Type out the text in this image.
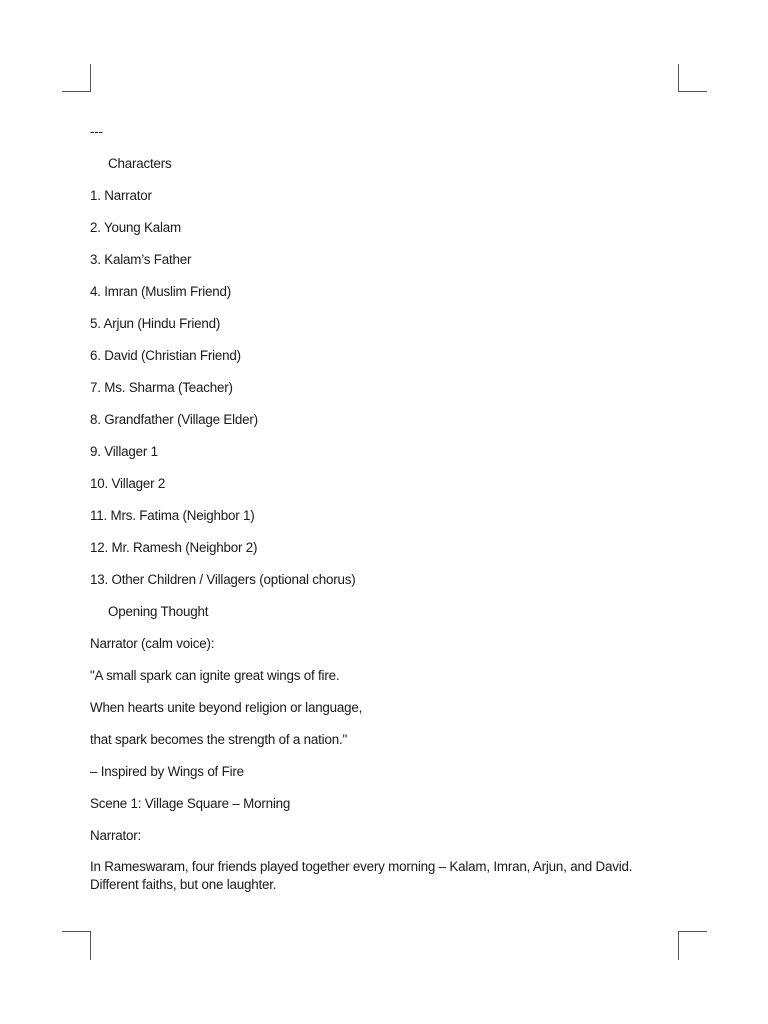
---
Characters
1. Narrator
2. Young Kalam
3. Kalam’s Father
4. Imran (Muslim Friend)
5. Arjun (Hindu Friend)
6. David (Christian Friend)
7. Ms. Sharma (Teacher)
8. Grandfather (Village Elder)
9. Villager 1
10. Villager 2
11. Mrs. Fatima (Neighbor 1)
12. Mr. Ramesh (Neighbor 2)
13. Other Children / Villagers (optional chorus)
Opening Thought
Narrator (calm voice):
"A small spark can ignite great wings of fire.
When hearts unite beyond religion or language,
that spark becomes the strength of a nation."
– Inspired by Wings of Fire
Scene 1: Village Square – Morning
Narrator:
In Rameswaram, four friends played together every morning – Kalam, Imran, Arjun, and David. Different faiths, but one laughter.
